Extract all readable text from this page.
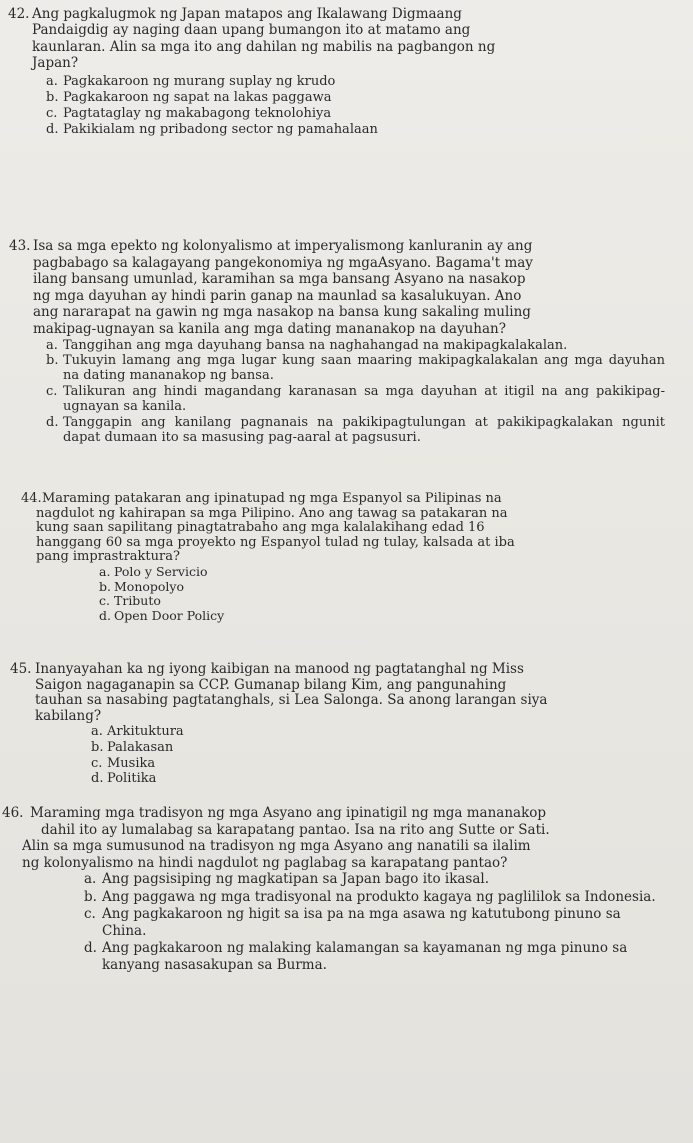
42. Ang pagkalugmok ng Japan matapos ang Ikalawang Digmaang
Pandaigdig ay naging daan upang bumangon ito at matamo ang
kaunlaran. Alin sa mga ito ang dahilan ng mabilis na pagbangon ng
Japan?
a. Pagkakaroon ng murang suplay ng krudo
b. Pagkakaroon ng sapat na lakas paggawa
c. Pagtataglay ng makabagong teknolohiya
d. Pakikialam ng pribadong sector ng pamahalaan
43. Isa sa mga epekto ng kolonyalismo at imperyalismong kanluranin ay ang
pagbabago sa kalagayang pangekonomiya ng mgaAsyano. Bagama't may
ilang bansang umunlad, karamihan sa mga bansang Asyano na nasakop
ng mga dayuhan ay hindi parin ganap na maunlad sa kasalukuyan. Ano
ang nararapat na gawin ng mga nasakop na bansa kung sakaling muling
makipag-ugnayan sa kanila ang mga dating mananakop na dayuhan?
a. Tanggihan ang mga dayuhang bansa na naghahangad na makipagkalakalan.
b. Tukuyin lamang ang mga lugar kung saan maaring makipagkalakalan ang mga dayuhan na dating mananakop ng bansa.
c. Talikuran ang hindi magandang karanasan sa mga dayuhan at itigil na ang pakikipag-ugnayan sa kanila.
d. Tanggapin ang kanilang pagnanais na pakikipagtulungan at pakikipagkalakan ngunit dapat dumaan ito sa masusing pag-aaral at pagsusuri.
44. Maraming patakaran ang ipinatupad ng mga Espanyol sa Pilipinas na
nagdulot ng kahirapan sa mga Pilipino. Ano ang tawag sa patakaran na
kung saan sapilitang pinagtatrabaho ang mga kalalakihang edad 16
hanggang 60 sa mga proyekto ng Espanyol tulad ng tulay, kalsada at iba
pang imprastraktura?
a. Polo y Servicio
b. Monopolyo
c. Tributo
d. Open Door Policy
45. Inanyayahan ka ng iyong kaibigan na manood ng pagtatanghal ng Miss
Saigon nagaganapin sa CCP. Gumanap bilang Kim, ang pangunahing
tauhan sa nasabing pagtatanghals, si Lea Salonga. Sa anong larangan siya
kabilang?
a. Arkituktura
b. Palakasan
c. Musika
d. Politika
46. Maraming mga tradisyon ng mga Asyano ang ipinatigil ng mga mananakop
dahil ito ay lumalabag sa karapatang pantao. Isa na rito ang Sutte or Sati.
Alin sa mga sumusunod na tradisyon ng mga Asyano ang nanatili sa ilalim
ng kolonyalismo na hindi nagdulot ng paglabag sa karapatang pantao?
a. Ang pagsisiping ng magkatipan sa Japan bago ito ikasal.
b. Ang paggawa ng mga tradisyonal na produkto kagaya ng paglililok sa Indonesia.
c. Ang pagkakaroon ng higit sa isa pa na mga asawa ng katutubong pinuno sa China.
d. Ang pagkakaroon ng malaking kalamangan sa kayamanan ng mga pinuno sa kanyang nasasakupan sa Burma.
